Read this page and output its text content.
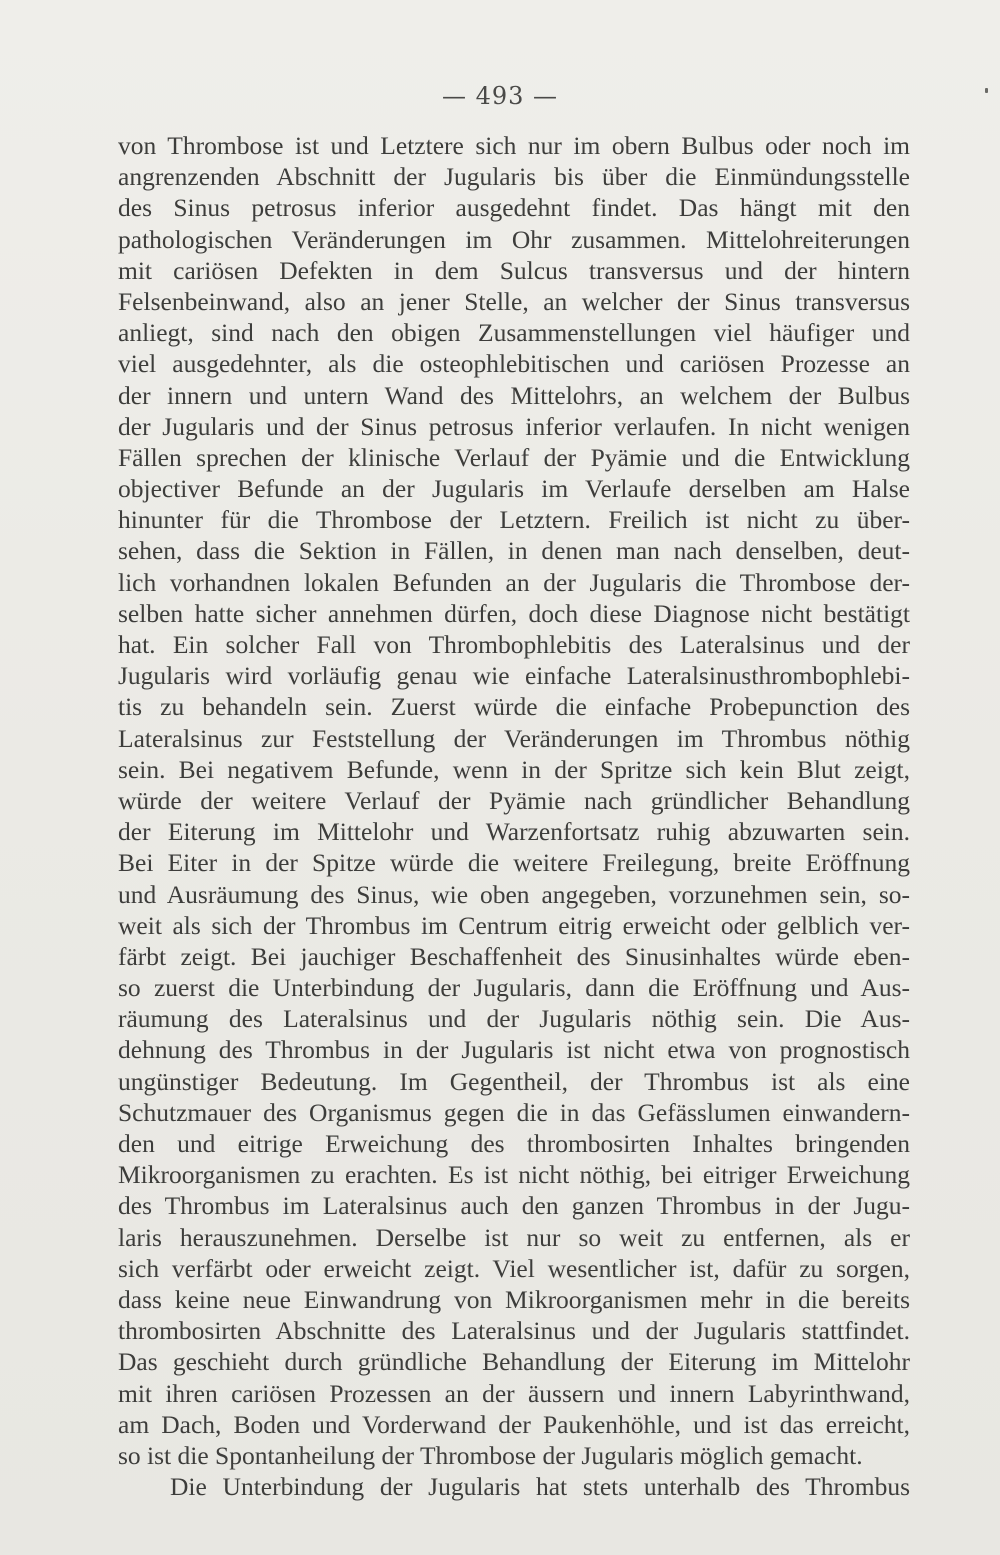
— 493 —
von Thrombose ist und Letztere sich nur im obern Bulbus oder noch im
angrenzenden Abschnitt der Jugularis bis über die Einmündungsstelle
des Sinus petrosus inferior ausgedehnt findet. Das hängt mit den
pathologischen Veränderungen im Ohr zusammen. Mittelohreiterungen
mit cariösen Defekten in dem Sulcus transversus und der hintern
Felsenbeinwand, also an jener Stelle, an welcher der Sinus transversus
anliegt, sind nach den obigen Zusammenstellungen viel häufiger und
viel ausgedehnter, als die osteophlebitischen und cariösen Prozesse an
der innern und untern Wand des Mittelohrs, an welchem der Bulbus
der Jugularis und der Sinus petrosus inferior verlaufen. In nicht wenigen
Fällen sprechen der klinische Verlauf der Pyämie und die Entwicklung
objectiver Befunde an der Jugularis im Verlaufe derselben am Halse
hinunter für die Thrombose der Letztern. Freilich ist nicht zu über-
sehen, dass die Sektion in Fällen, in denen man nach denselben, deut-
lich vorhandnen lokalen Befunden an der Jugularis die Thrombose der-
selben hatte sicher annehmen dürfen, doch diese Diagnose nicht bestätigt
hat. Ein solcher Fall von Thrombophlebitis des Lateralsinus und der
Jugularis wird vorläufig genau wie einfache Lateralsinusthrombophlebi-
tis zu behandeln sein. Zuerst würde die einfache Probepunction des
Lateralsinus zur Feststellung der Veränderungen im Thrombus nöthig
sein. Bei negativem Befunde, wenn in der Spritze sich kein Blut zeigt,
würde der weitere Verlauf der Pyämie nach gründlicher Behandlung
der Eiterung im Mittelohr und Warzenfortsatz ruhig abzuwarten sein.
Bei Eiter in der Spitze würde die weitere Freilegung, breite Eröffnung
und Ausräumung des Sinus, wie oben angegeben, vorzunehmen sein, so-
weit als sich der Thrombus im Centrum eitrig erweicht oder gelblich ver-
färbt zeigt. Bei jauchiger Beschaffenheit des Sinusinhaltes würde eben-
so zuerst die Unterbindung der Jugularis, dann die Eröffnung und Aus-
räumung des Lateralsinus und der Jugularis nöthig sein. Die Aus-
dehnung des Thrombus in der Jugularis ist nicht etwa von prognostisch
ungünstiger Bedeutung. Im Gegentheil, der Thrombus ist als eine
Schutzmauer des Organismus gegen die in das Gefässlumen einwandern-
den und eitrige Erweichung des thrombosirten Inhaltes bringenden
Mikroorganismen zu erachten. Es ist nicht nöthig, bei eitriger Erweichung
des Thrombus im Lateralsinus auch den ganzen Thrombus in der Jugu-
laris herauszunehmen. Derselbe ist nur so weit zu entfernen, als er
sich verfärbt oder erweicht zeigt. Viel wesentlicher ist, dafür zu sorgen,
dass keine neue Einwandrung von Mikroorganismen mehr in die bereits
thrombosirten Abschnitte des Lateralsinus und der Jugularis stattfindet.
Das geschieht durch gründliche Behandlung der Eiterung im Mittelohr
mit ihren cariösen Prozessen an der äussern und innern Labyrinthwand,
am Dach, Boden und Vorderwand der Paukenhöhle, und ist das erreicht,
so ist die Spontanheilung der Thrombose der Jugularis möglich gemacht.
Die Unterbindung der Jugularis hat stets unterhalb des Thrombus
